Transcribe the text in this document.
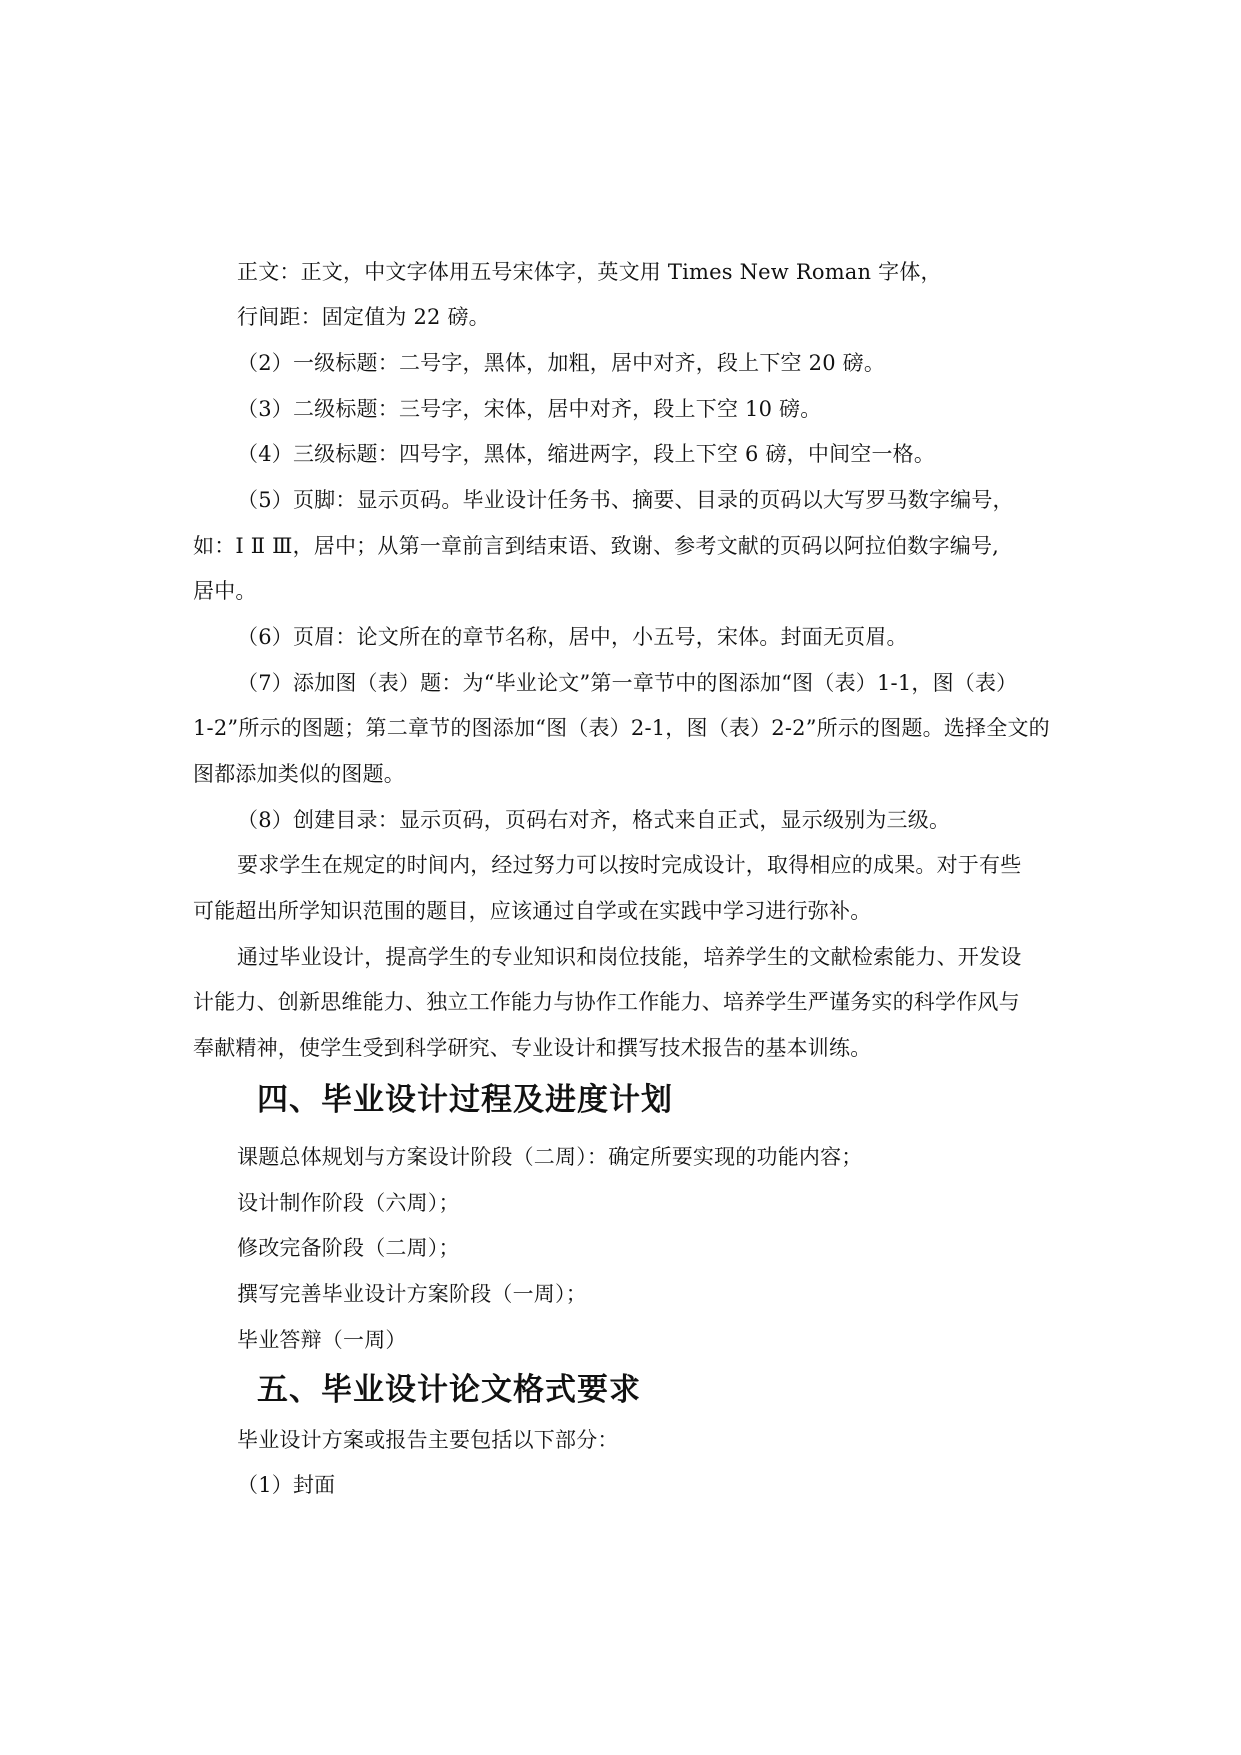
正文：正文，中文字体用五号宋体字，英文用 Times New Roman 字体，
行间距：固定值为 22 磅。
（2）一级标题：二号字，黑体，加粗，居中对齐，段上下空 20 磅。
（3）二级标题：三号字，宋体，居中对齐，段上下空 10 磅。
（4）三级标题：四号字，黑体，缩进两字，段上下空 6 磅，中间空一格。
（5）页脚：显示页码。毕业设计任务书、摘要、目录的页码以大写罗马数字编号，
如：Ⅰ Ⅱ Ⅲ，居中；从第一章前言到结束语、致谢、参考文献的页码以阿拉伯数字编号,
居中。
（6）页眉：论文所在的章节名称，居中，小五号，宋体。封面无页眉。
（7）添加图（表）题：为“毕业论文”第一章节中的图添加“图（表）1-1，图（表）
1-2”所示的图题；第二章节的图添加“图（表）2-1，图（表）2-2”所示的图题。选择全文的
图都添加类似的图题。
（8）创建目录：显示页码，页码右对齐，格式来自正式，显示级别为三级。
要求学生在规定的时间内，经过努力可以按时完成设计，取得相应的成果。对于有些
可能超出所学知识范围的题目，应该通过自学或在实践中学习进行弥补。
通过毕业设计，提高学生的专业知识和岗位技能，培养学生的文献检索能力、开发设
计能力、创新思维能力、独立工作能力与协作工作能力、培养学生严谨务实的科学作风与
奉献精神，使学生受到科学研究、专业设计和撰写技术报告的基本训练。
四、毕业设计过程及进度计划
课题总体规划与方案设计阶段（二周）：确定所要实现的功能内容；
设计制作阶段（六周）；
修改完备阶段（二周）；
撰写完善毕业设计方案阶段（一周）；
毕业答辩（一周）
五、毕业设计论文格式要求
毕业设计方案或报告主要包括以下部分：
（1）封面
